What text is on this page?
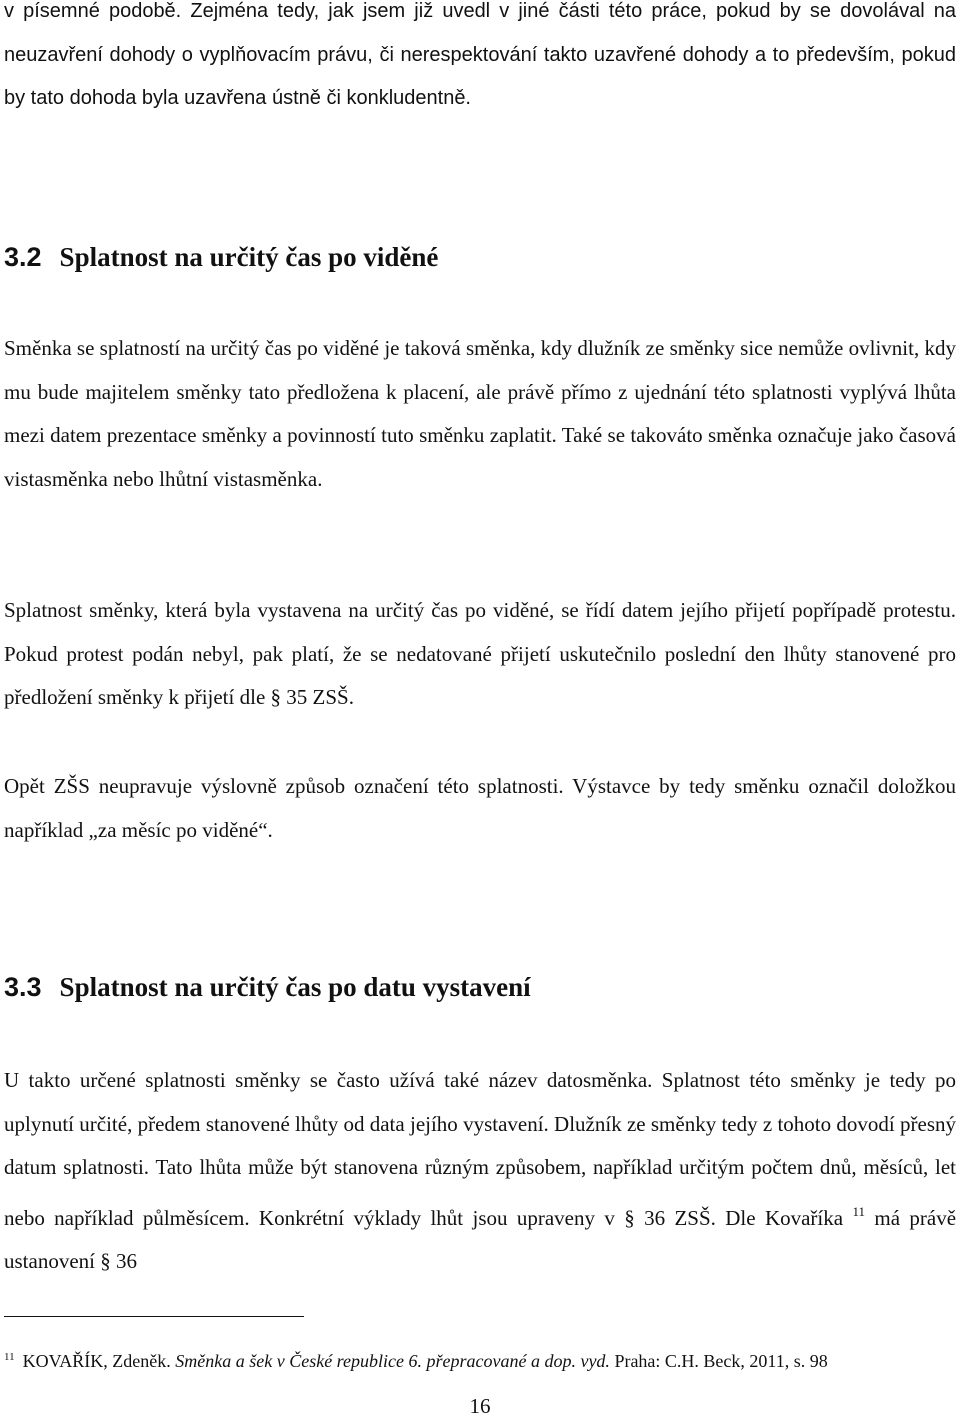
v písemné podobě. Zejména tedy, jak jsem již uvedl v jiné části této práce, pokud by se dovolával na neuzavření dohody o vyplňovacím právu, či nerespektování takto uzavřené dohody a to především, pokud by tato dohoda byla uzavřena ústně či konkludentně.

3.2 Splatnost na určitý čas po viděné

Směnka se splatností na určitý čas po viděné je taková směnka, kdy dlužník ze směnky sice nemůže ovlivnit, kdy mu bude majitelem směnky tato předložena k placení, ale právě přímo z ujednání této splatnosti vyplývá lhůta mezi datem prezentace směnky a povinností tuto směnku zaplatit. Také se takováto směnka označuje jako časová vistasměnka nebo lhůtní vistasměnka.

Splatnost směnky, která byla vystavena na určitý čas po viděné, se řídí datem jejího přijetí popřípadě protestu. Pokud protest podán nebyl, pak platí, že se nedatované přijetí uskutečnilo poslední den lhůty stanovené pro předložení směnky k přijetí dle § 35 ZSŠ.

Opět ZŠS neupravuje výslovně způsob označení této splatnosti. Výstavce by tedy směnku označil doložkou například „za měsíc po viděné“.

3.3 Splatnost na určitý čas po datu vystavení

U takto určené splatnosti směnky se často užívá také název datosměnka. Splatnost této směnky je tedy po uplynutí určité, předem stanovené lhůty od data jejího vystavení. Dlužník ze směnky tedy z tohoto dovodí přesný datum splatnosti. Tato lhůta může být stanovena různým způsobem, například určitým počtem dnů, měsíců, let nebo například půlměsícem. Konkrétní výklady lhůt jsou upraveny v § 36 ZSŠ. Dle Kovaříka $^{11}$ má právě ustanovení § 36

$^{11}$ KOVAŘÍK, Zdeněk. Směnka a šek v České republice 6. přepracované a dop. vyd. Praha: C.H. Beck, 2011, s. 98

16
